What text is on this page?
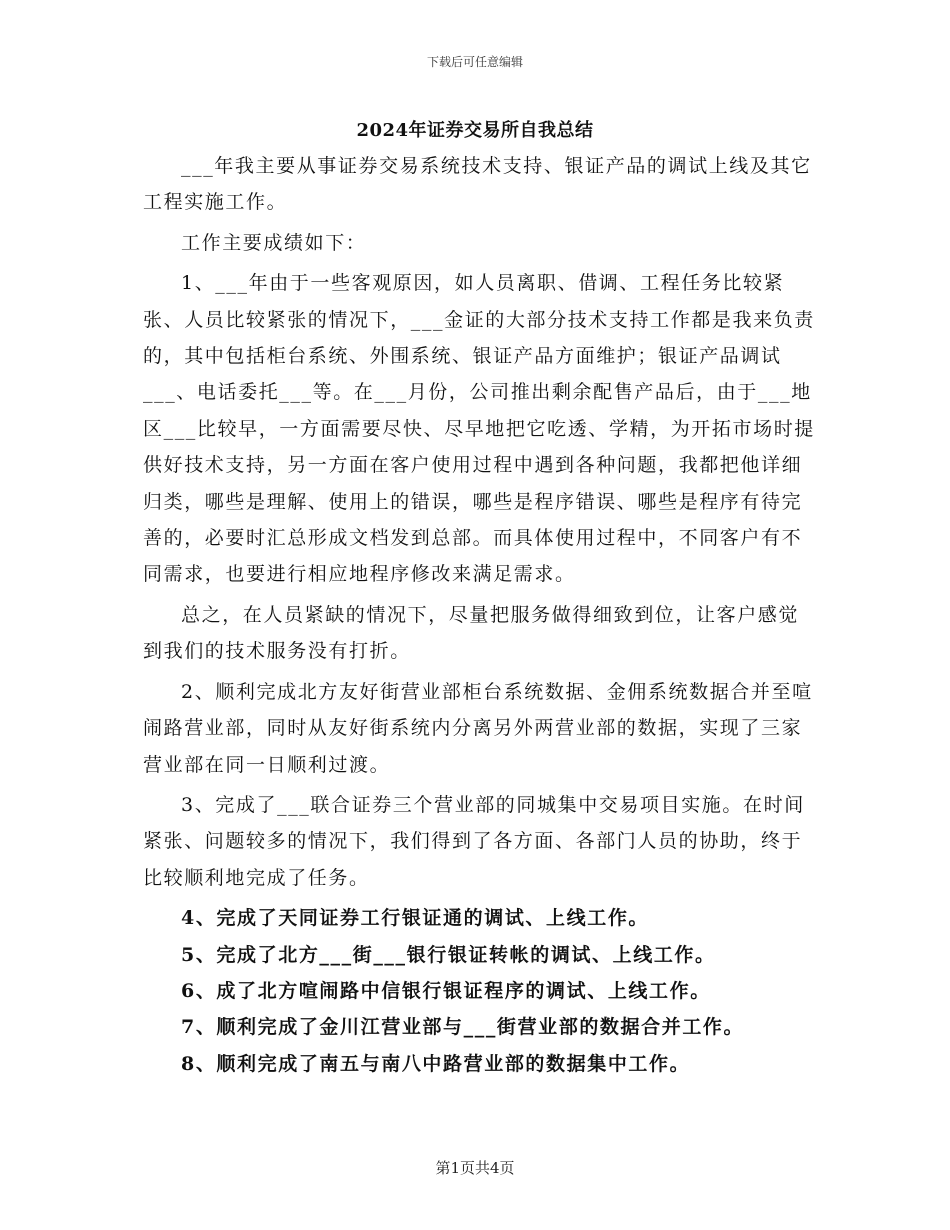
下载后可任意编辑
2024年证券交易所自我总结

___年我主要从事证券交易系统技术支持、银证产品的调试上线及其它工程实施工作。

工作主要成绩如下：

1、___年由于一些客观原因，如人员离职、借调、工程任务比较紧张、人员比较紧张的情况下，___金证的大部分技术支持工作都是我来负责的，其中包括柜台系统、外围系统、银证产品方面维护；银证产品调试___、电话委托___等。在___月份，公司推出剩余配售产品后，由于___地区___比较早，一方面需要尽快、尽早地把它吃透、学精，为开拓市场时提供好技术支持，另一方面在客户使用过程中遇到各种问题，我都把他详细归类，哪些是理解、使用上的错误，哪些是程序错误、哪些是程序有待完善的，必要时汇总形成文档发到总部。而具体使用过程中，不同客户有不同需求，也要进行相应地程序修改来满足需求。

总之，在人员紧缺的情况下，尽量把服务做得细致到位，让客户感觉到我们的技术服务没有打折。

2、顺利完成北方友好街营业部柜台系统数据、金佣系统数据合并至喧闹路营业部，同时从友好街系统内分离另外两营业部的数据，实现了三家营业部在同一日顺利过渡。

3、完成了___联合证券三个营业部的同城集中交易项目实施。在时间紧张、问题较多的情况下，我们得到了各方面、各部门人员的协助，终于比较顺利地完成了任务。

4、完成了天同证券工行银证通的调试、上线工作。

5、完成了北方___街___银行银证转帐的调试、上线工作。

6、成了北方喧闹路中信银行银证程序的调试、上线工作。

7、顺利完成了金川江营业部与___街营业部的数据合并工作。

8、顺利完成了南五与南八中路营业部的数据集中工作。

第1页共4页
